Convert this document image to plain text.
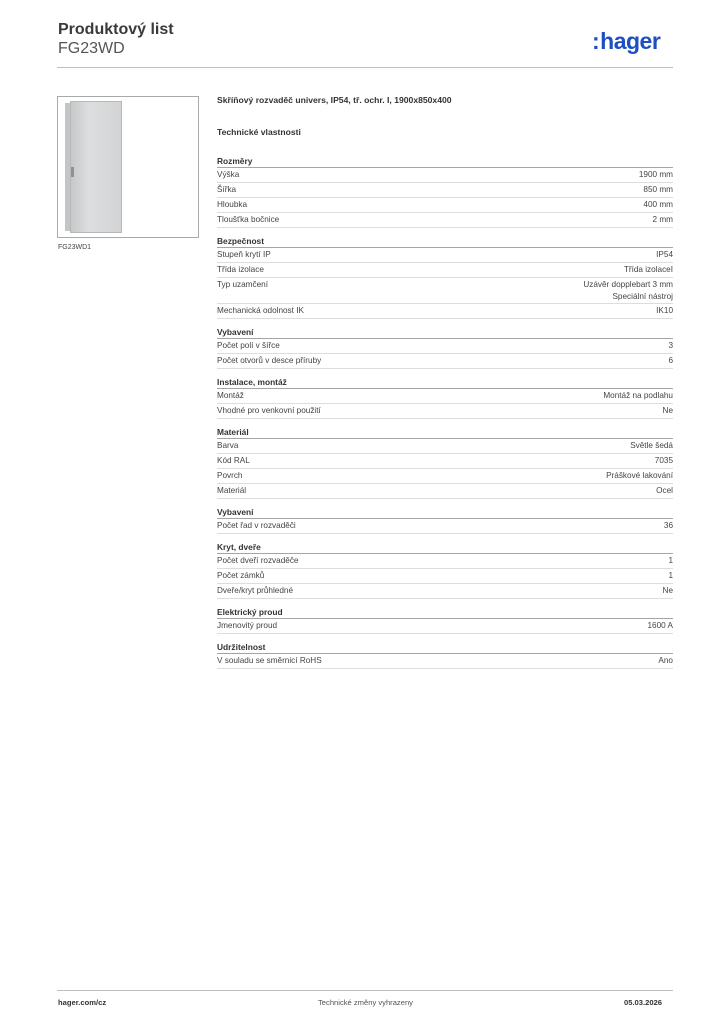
Produktový list
FG23WD	:hager
FG23WD1
Skříňový rozvaděč univers, IP54, tř. ochr. I, 1900x850x400
Technické vlastnosti
Rozměry
Výška	1900 mm
Šířka	850 mm
Hloubka	400 mm
Tloušťka bočnice	2 mm
Bezpečnost
Stupeň krytí IP	IP54
Třída izolace	Třída izolaceI
Typ uzamčení	Uzávěr dopplebart 3 mm
Speciální nástroj
Mechanická odolnost IK	IK10
Vybavení
Počet polí v šířce	3
Počet otvorů v desce příruby	6
Instalace, montáž
Montáž	Montáž na podlahu
Vhodné pro venkovní použití	Ne
Materiál
Barva	Světle šedá
Kód RAL	7035
Povrch	Práškové lakování
Materiál	Ocel
Vybavení
Počet řad v rozvaděči	36
Kryt, dveře
Počet dveří rozvaděče	1
Počet zámků	1
Dveře/kryt průhledné	Ne
Elektrický proud
Jmenovitý proud	1600 A
Udržitelnost
V souladu se směrnicí RoHS	Ano
hager.com/cz	Technické změny vyhrazeny	05.03.2026
